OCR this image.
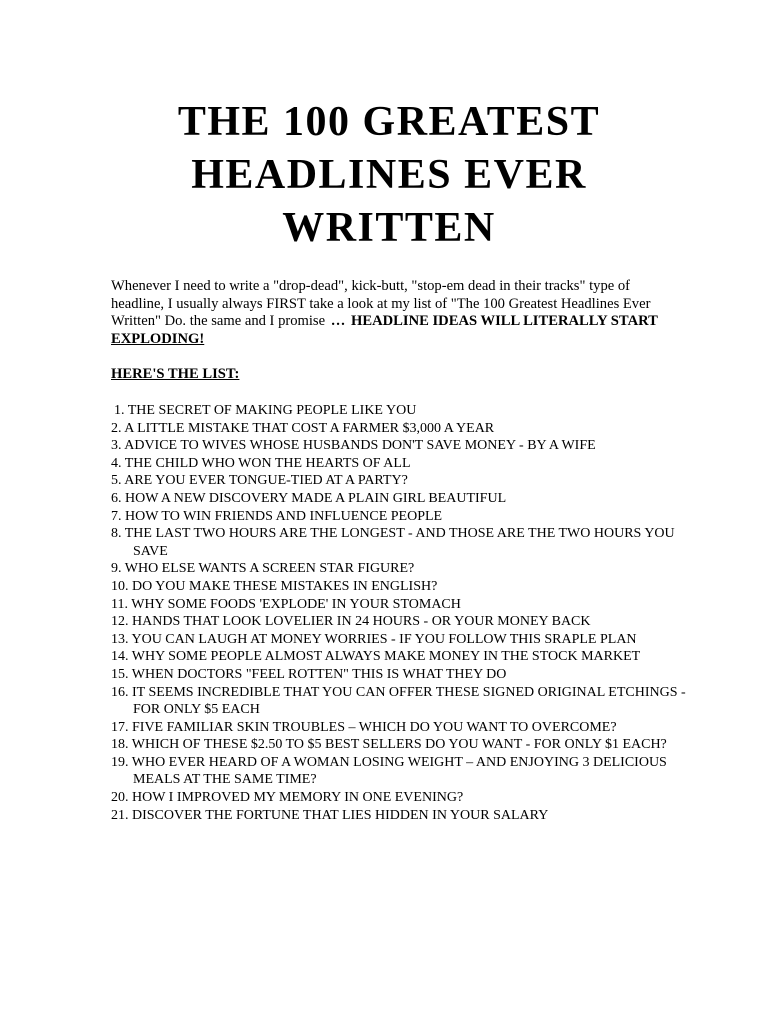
THE 100 GREATEST
HEADLINES EVER
WRITTEN

Whenever I need to write a "drop-dead", kick-butt, "stop-em dead in their tracks" type of headline, I usually always FIRST take a look at my list of "The 100 Greatest Headlines Ever Written" Do. the same and I promise … HEADLINE IDEAS WILL LITERALLY START EXPLODING!

HERE'S THE LIST:

1. THE SECRET OF MAKING PEOPLE LIKE YOU
2. A LITTLE MISTAKE THAT COST A FARMER $3,000 A YEAR
3. ADVICE TO WIVES WHOSE HUSBANDS DON'T SAVE MONEY - BY A WIFE
4. THE CHILD WHO WON THE HEARTS OF ALL
5. ARE YOU EVER TONGUE-TIED AT A PARTY?
6. HOW A NEW DISCOVERY MADE A PLAIN GIRL BEAUTIFUL
7. HOW TO WIN FRIENDS AND INFLUENCE PEOPLE
8. THE LAST TWO HOURS ARE THE LONGEST - AND THOSE ARE THE TWO HOURS YOU SAVE
9. WHO ELSE WANTS A SCREEN STAR FIGURE?
10. DO YOU MAKE THESE MISTAKES IN ENGLISH?
11. WHY SOME FOODS 'EXPLODE' IN YOUR STOMACH
12. HANDS THAT LOOK LOVELIER IN 24 HOURS - OR YOUR MONEY BACK
13. YOU CAN LAUGH AT MONEY WORRIES - IF YOU FOLLOW THIS SRAPLE PLAN
14. WHY SOME PEOPLE ALMOST ALWAYS MAKE MONEY IN THE STOCK MARKET
15. WHEN DOCTORS "FEEL ROTTEN" THIS IS WHAT THEY DO
16. IT SEEMS INCREDIBLE THAT YOU CAN OFFER THESE SIGNED ORIGINAL ETCHINGS - FOR ONLY $5 EACH
17. FIVE FAMILIAR SKIN TROUBLES – WHICH DO YOU WANT TO OVERCOME?
18. WHICH OF THESE $2.50 TO $5 BEST SELLERS DO YOU WANT - FOR ONLY $1 EACH?
19. WHO EVER HEARD OF A WOMAN LOSING WEIGHT – AND ENJOYING 3 DELICIOUS MEALS AT THE SAME TIME?
20. HOW I IMPROVED MY MEMORY IN ONE EVENING?
21. DISCOVER THE FORTUNE THAT LIES HIDDEN IN YOUR SALARY
